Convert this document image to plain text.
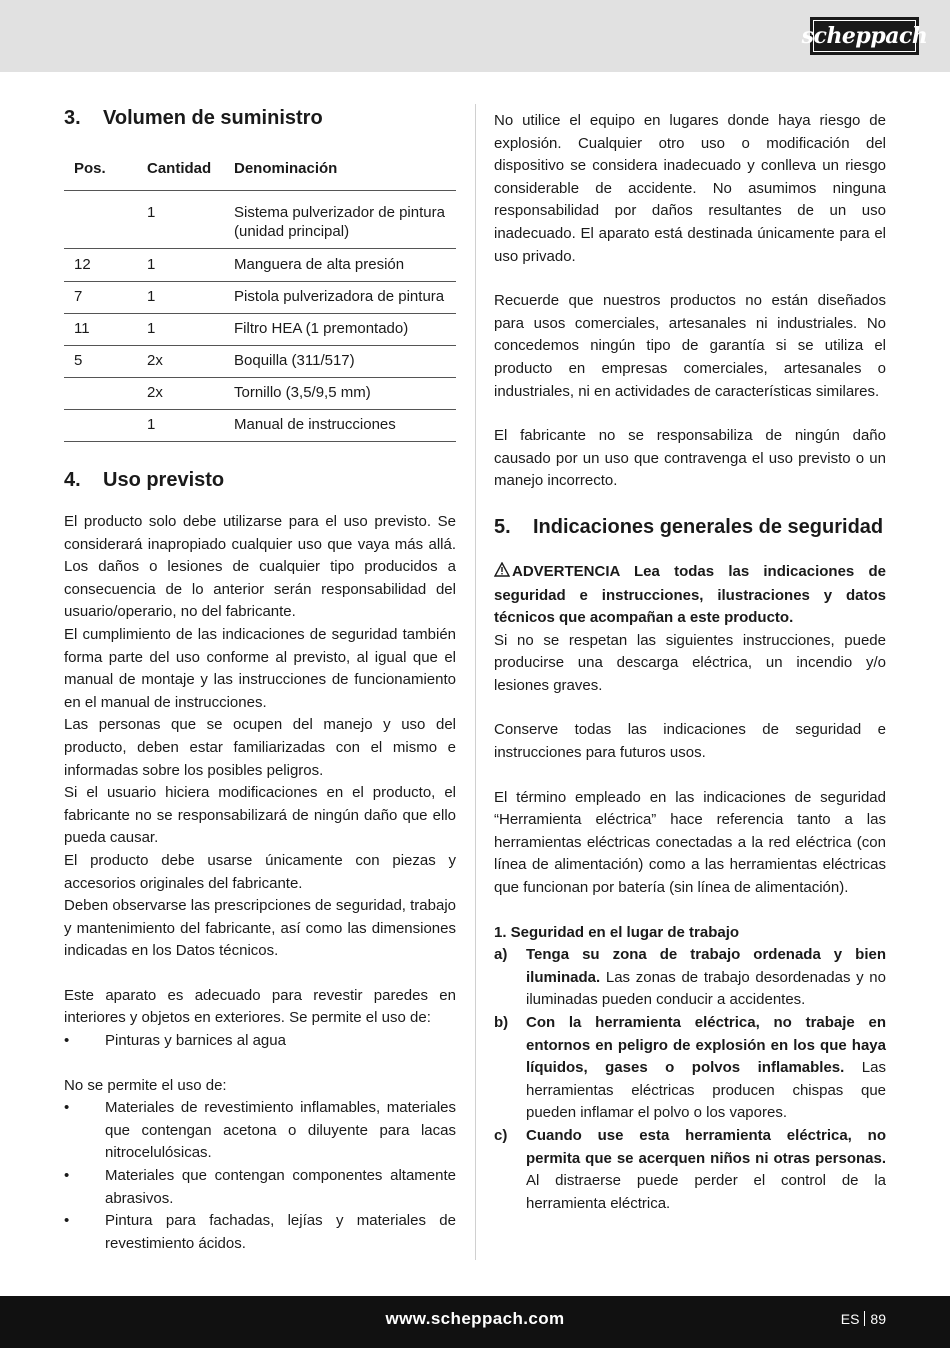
scheppach
3.	Volumen de suministro
Pos.	Cantidad	Denominación
	1	Sistema pulverizador de pintura (unidad principal)
12	1	Manguera de alta presión
7	1	Pistola pulverizadora de pintura
11	1	Filtro HEA (1 premontado)
5	2x	Boquilla (311/517)
	2x	Tornillo (3,5/9,5 mm)
	1	Manual de instrucciones
4.	Uso previsto

El producto solo debe utilizarse para el uso previsto. Se considerará inapropiado cualquier uso que vaya más allá. Los daños o lesiones de cualquier tipo producidos a consecuencia de lo anterior serán responsabilidad del usuario/operario, no del fabricante.

El cumplimiento de las indicaciones de seguridad también forma parte del uso conforme al previsto, al igual que el manual de montaje y las instrucciones de funcionamiento en el manual de instrucciones.

Las personas que se ocupen del manejo y uso del producto, deben estar familiarizadas con el mismo e informadas sobre los posibles peligros.

Si el usuario hiciera modificaciones en el producto, el fabricante no se responsabilizará de ningún daño que ello pueda causar.

El producto debe usarse únicamente con piezas y accesorios originales del fabricante.

Deben observarse las prescripciones de seguridad, trabajo y mantenimiento del fabricante, así como las dimensiones indicadas en los Datos técnicos.

Este aparato es adecuado para revestir paredes en interiores y objetos en exteriores. Se permite el uso de:

•	Pinturas y barnices al agua

No se permite el uso de:

•	Materiales de revestimiento inflamables, materiales que contengan acetona o diluyente para lacas nitrocelulósicas.
•	Materiales que contengan componentes altamente abrasivos.
•	Pintura para fachadas, lejías y materiales de revestimiento ácidos.

No utilice el equipo en lugares donde haya riesgo de explosión. Cualquier otro uso o modificación del dispositivo se considera inadecuado y conlleva un riesgo considerable de accidente. No asumimos ninguna responsabilidad por daños resultantes de un uso inadecuado. El aparato está destinada únicamente para el uso privado.

Recuerde que nuestros productos no están diseñados para usos comerciales, artesanales ni industriales. No concedemos ningún tipo de garantía si se utiliza el producto en empresas comerciales, artesanales o industriales, ni en actividades de características similares.

El fabricante no se responsabiliza de ningún daño causado por un uso que contravenga el uso previsto o un manejo incorrecto.

5.	Indicaciones generales de seguridad

ADVERTENCIA Lea todas las indicaciones de seguridad e instrucciones, ilustraciones y datos técnicos que acompañan a este producto.

Si no se respetan las siguientes instrucciones, puede producirse una descarga eléctrica, un incendio y/o lesiones graves.

Conserve todas las indicaciones de seguridad e instrucciones para futuros usos.

El término empleado en las indicaciones de seguridad “Herramienta eléctrica” hace referencia tanto a las herramientas eléctricas conectadas a la red eléctrica (con línea de alimentación) como a las herramientas eléctricas que funcionan por batería (sin línea de alimentación).

1. Seguridad en el lugar de trabajo

a)	Tenga su zona de trabajo ordenada y bien iluminada. Las zonas de trabajo desordenadas y no iluminadas pueden conducir a accidentes.
b)	Con la herramienta eléctrica, no trabaje en entornos en peligro de explosión en los que haya líquidos, gases o polvos inflamables. Las herramientas eléctricas producen chispas que pueden inflamar el polvo o los vapores.
c)	Cuando use esta herramienta eléctrica, no permita que se acerquen niños ni otras personas. Al distraerse puede perder el control de la herramienta eléctrica.
www.scheppach.com	ES 89
